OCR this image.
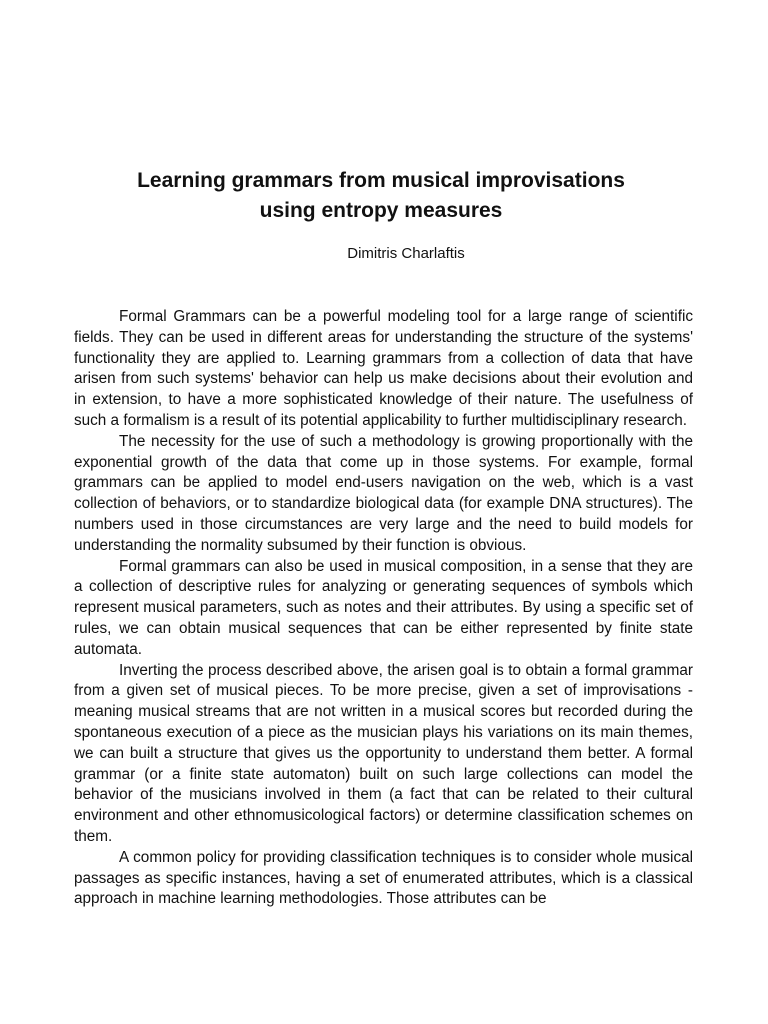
Learning grammars from musical improvisations
using entropy measures
Dimitris Charlaftis

Formal Grammars can be a powerful modeling tool for a large range of scientific fields. They can be used in different areas for understanding the structure of the systems' functionality they are applied to. Learning grammars from a collection of data that have arisen from such systems' behavior can help us make decisions about their evolution and in extension, to have a more sophisticated knowledge of their nature. The usefulness of such a formalism is a result of its potential applicability to further multidisciplinary research.

The necessity for the use of such a methodology is growing proportionally with the exponential growth of the data that come up in those systems. For example, formal grammars can be applied to model end-users navigation on the web, which is a vast collection of behaviors, or to standardize biological data (for example DNA structures). The numbers used in those circumstances are very large and the need to build models for understanding the normality subsumed by their function is obvious.

Formal grammars can also be used in musical composition, in a sense that they are a collection of descriptive rules for analyzing or generating sequences of symbols which represent musical parameters, such as notes and their attributes. By using a specific set of rules, we can obtain musical sequences that can be either represented by finite state automata.

Inverting the process described above, the arisen goal is to obtain a formal grammar from a given set of musical pieces. To be more precise, given a set of improvisations - meaning musical streams that are not written in a musical scores but recorded during the spontaneous execution of a piece as the musician plays his variations on its main themes, we can built a structure that gives us the opportunity to understand them better. A formal grammar (or a finite state automaton) built on such large collections can model the behavior of the musicians involved in them (a fact that can be related to their cultural environment and other ethnomusicological factors) or determine classification schemes on them.

A common policy for providing classification techniques is to consider whole musical passages as specific instances, having a set of enumerated attributes, which is a classical approach in machine learning methodologies. Those attributes can be
